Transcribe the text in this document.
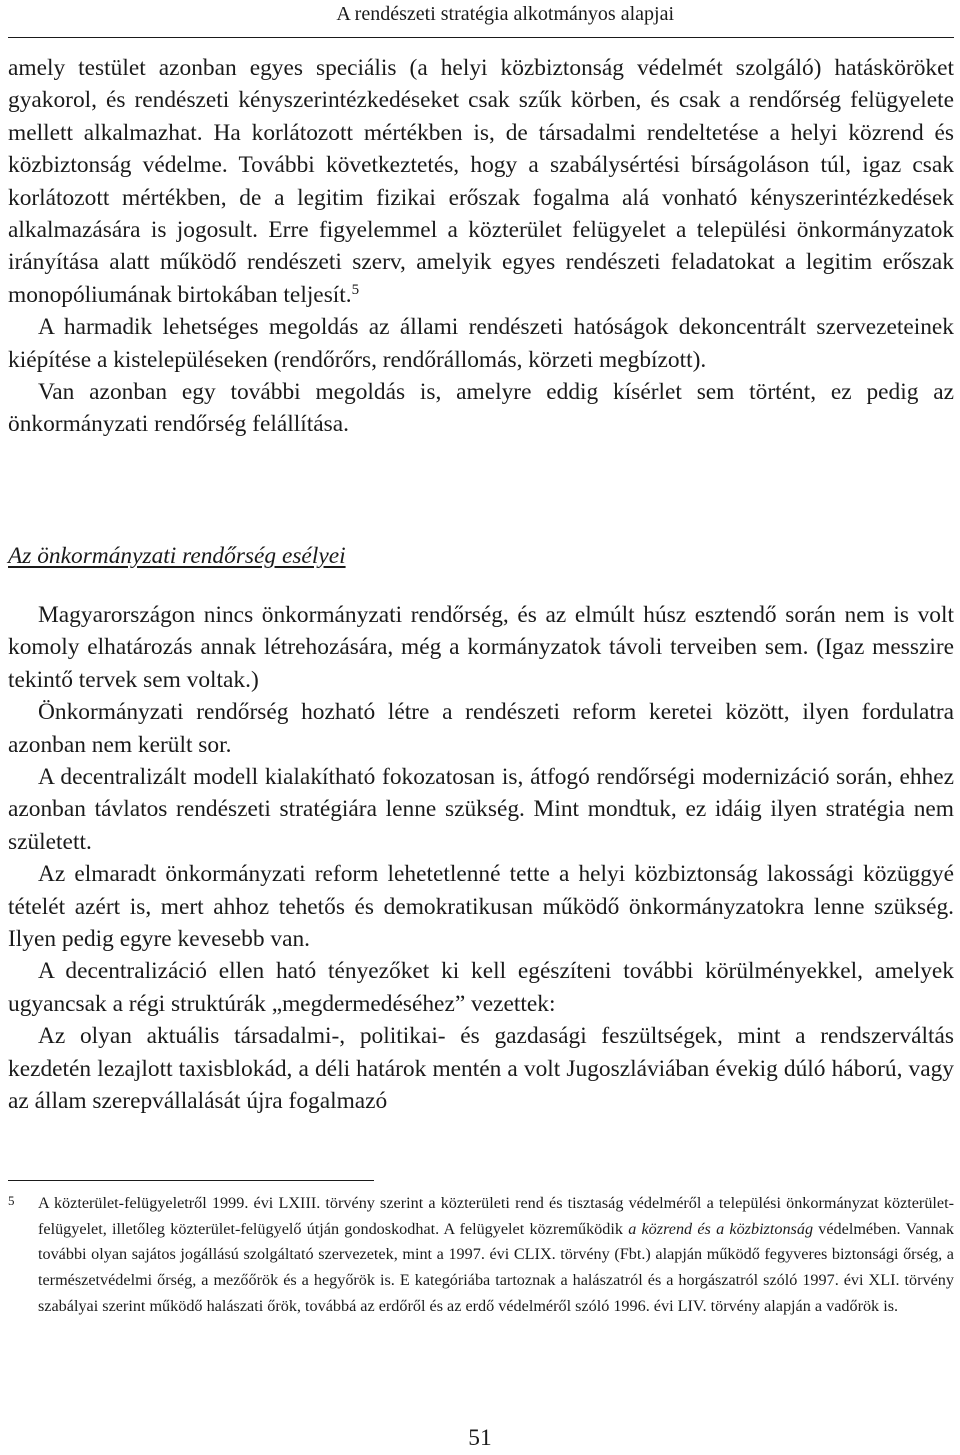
A rendészeti stratégia alkotmányos alapjai

amely testület azonban egyes speciális (a helyi közbiztonság védelmét szolgáló) hatásköröket gyakorol, és rendészeti kényszerintézkedéseket csak szűk körben, és csak a rendőrség felügyelete mellett alkalmazhat. Ha korlátozott mértékben is, de társadalmi rendeltetése a helyi közrend és közbiztonság védelme. További következtetés, hogy a szabálysértési bírságoláson túl, igaz csak korlátozott mértékben, de a legitim fizikai erőszak fogalma alá vonható kényszerintézkedések alkalmazására is jogosult. Erre figyelemmel a közterület felügyelet a települési önkormányzatok irányítása alatt működő rendészeti szerv, amelyik egyes rendészeti feladatokat a legitim erőszak monopóliumának birtokában teljesít.$^5$

A harmadik lehetséges megoldás az állami rendészeti hatóságok dekoncentrált szervezeteinek kiépítése a kistelepüléseken (rendőrőrs, rendőrállomás, körzeti megbízott).

Van azonban egy további megoldás is, amelyre eddig kísérlet sem történt, ez pedig az önkormányzati rendőrség felállítása.

Az önkormányzati rendőrség esélyei

Magyarországon nincs önkormányzati rendőrség, és az elmúlt húsz esztendő során nem is volt komoly elhatározás annak létrehozására, még a kormányzatok távoli terveiben sem. (Igaz messzire tekintő tervek sem voltak.)

Önkormányzati rendőrség hozható létre a rendészeti reform keretei között, ilyen fordulatra azonban nem került sor.

A decentralizált modell kialakítható fokozatosan is, átfogó rendőrségi modernizáció során, ehhez azonban távlatos rendészeti stratégiára lenne szükség. Mint mondtuk, ez idáig ilyen stratégia nem született.

Az elmaradt önkormányzati reform lehetetlenné tette a helyi közbiztonság lakossági közüggyé tételét azért is, mert ahhoz tehetős és demokratikusan működő önkormányzatokra lenne szükség. Ilyen pedig egyre kevesebb van.

A decentralizáció ellen ható tényezőket ki kell egészíteni további körülményekkel, amelyek ugyancsak a régi struktúrák „megdermedéséhez” vezettek:

Az olyan aktuális társadalmi-, politikai- és gazdasági feszültségek, mint a rendszerváltás kezdetén lezajlott taxisblokád, a déli határok mentén a volt Jugoszláviában évekig dúló háború, vagy az állam szerepvállalását újra fogalmazó

5 A közterület-felügyeletről 1999. évi LXIII. törvény szerint a közterületi rend és tisztaság védelméről a települési önkormányzat közterület-felügyelet, illetőleg közterület-felügyelő útján gondoskodhat. A felügyelet közreműködik a közrend és a közbiztonság védelmében. Vannak további olyan sajátos jogállású szolgáltató szervezetek, mint a 1997. évi CLIX. törvény (Fbt.) alapján működő fegyveres biztonsági őrség, a természetvédelmi őrség, a mezőőrök és a hegyőrök is. E kategóriába tartoznak a halászatról és a horgászatról szóló 1997. évi XLI. törvény szabályai szerint működő halászati őrök, továbbá az erdőről és az erdő védelméről szóló 1996. évi LIV. törvény alapján a vadőrök is.
51
